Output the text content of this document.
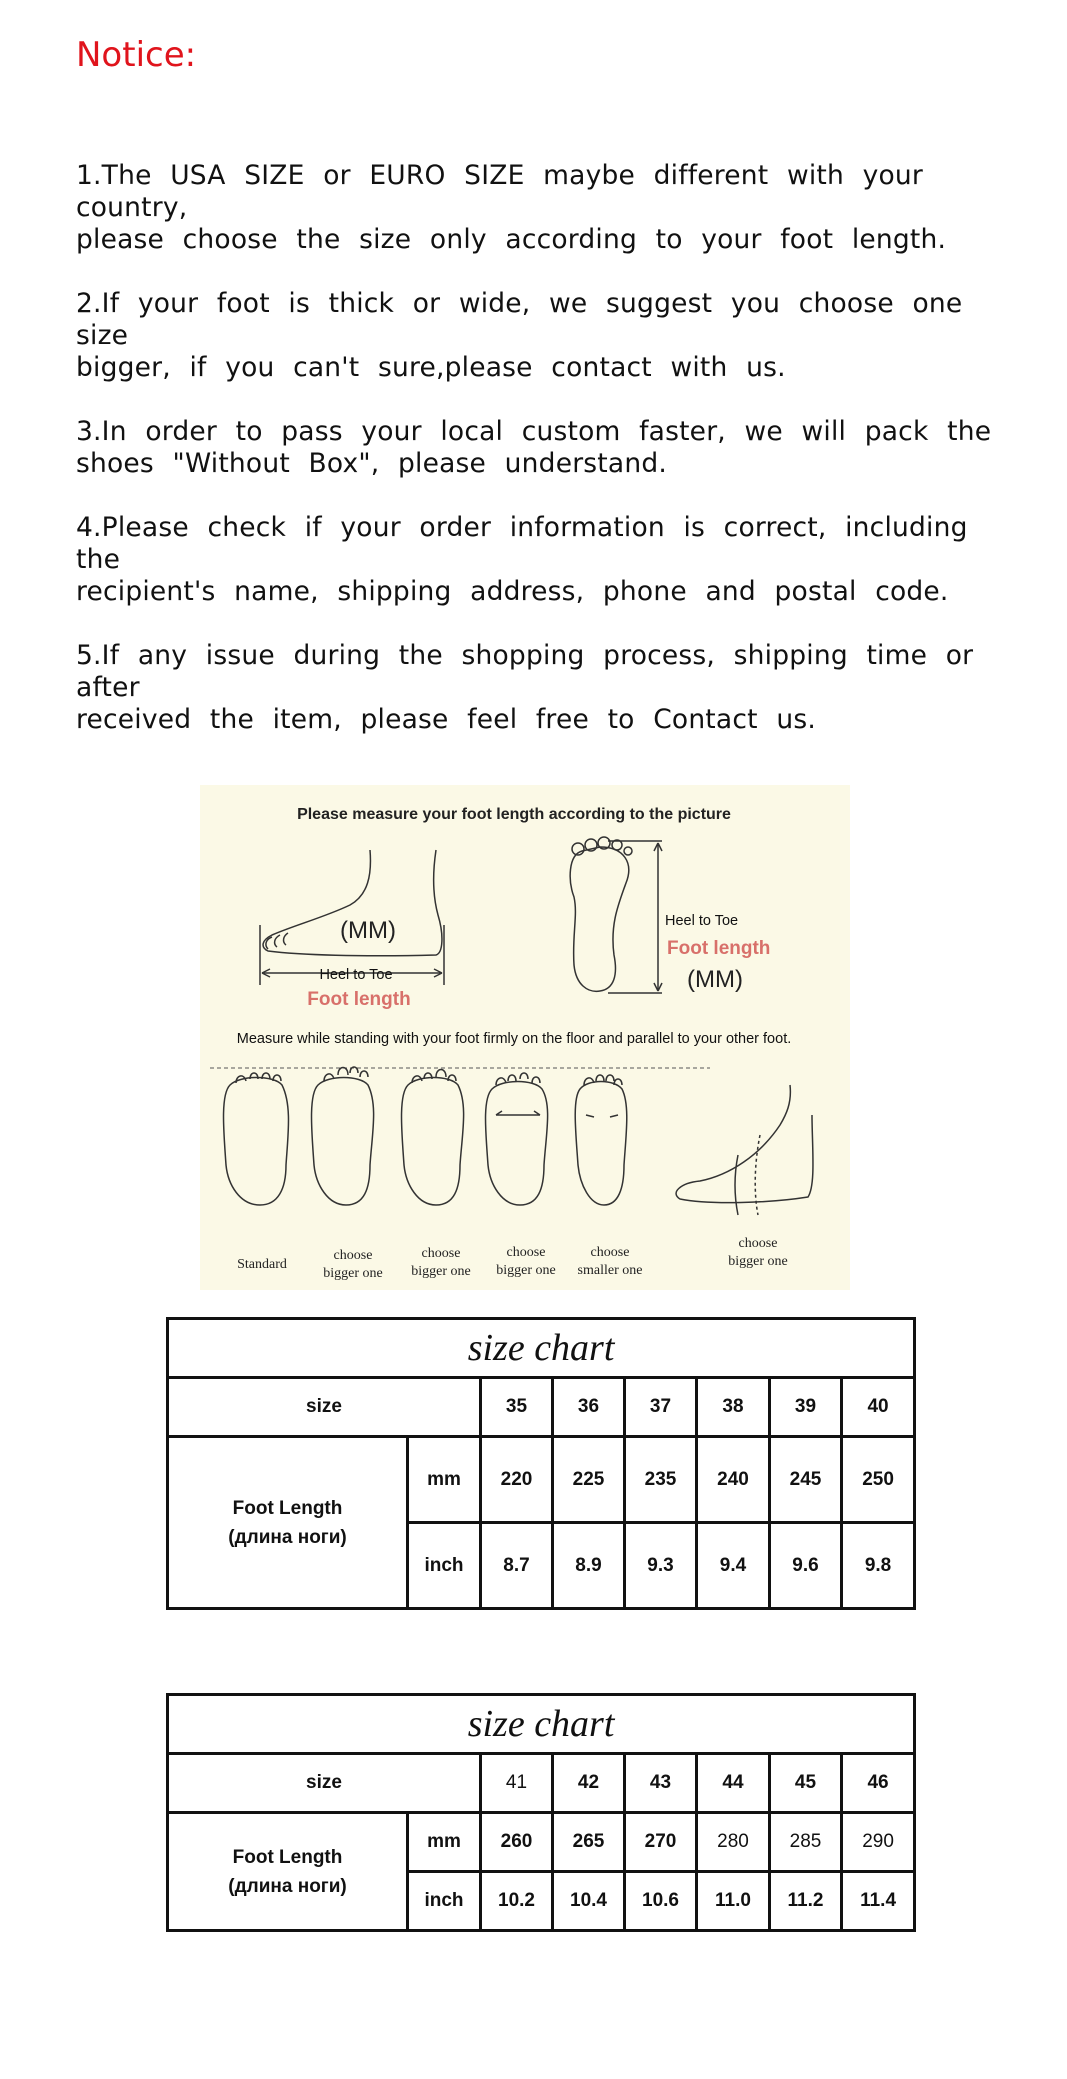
Notice:

1.The USA SIZE or EURO SIZE maybe different with your country,
please choose the size only according to your foot length.

2.If your foot is thick or wide, we suggest you choose one size
bigger, if you can't sure,please contact with us.

3.In order to pass your local custom faster, we will pack the
shoes "Without Box", please understand.

4.Please check if your order information is correct, including the
recipient's name, shipping address, phone and postal code.

5.If any issue during the shopping process, shipping time or after
received the item, please feel free to Contact us.

Please measure your foot length according to the picture
(MM)
Heel to Toe
Foot length
Heel to Toe
Foot length
(MM)
Measure while standing with your foot firmly on the floor and parallel to your other foot.
Standard
choose
bigger one
choose
bigger one
choose
bigger one
choose
smaller one
choose
bigger one
size chart							
size		35	36	37	38	39	40

Foot Length
(длина ноги)	mm	220	225	235	240	245	250
	inch	8.7	8.9	9.3	9.4	9.6	9.8
size chart							
size		41	42	43	44	45	46

Foot Length
(длина ноги)	mm	260	265	270	280	285	290
	inch	10.2	10.4	10.6	11.0	11.2	11.4
